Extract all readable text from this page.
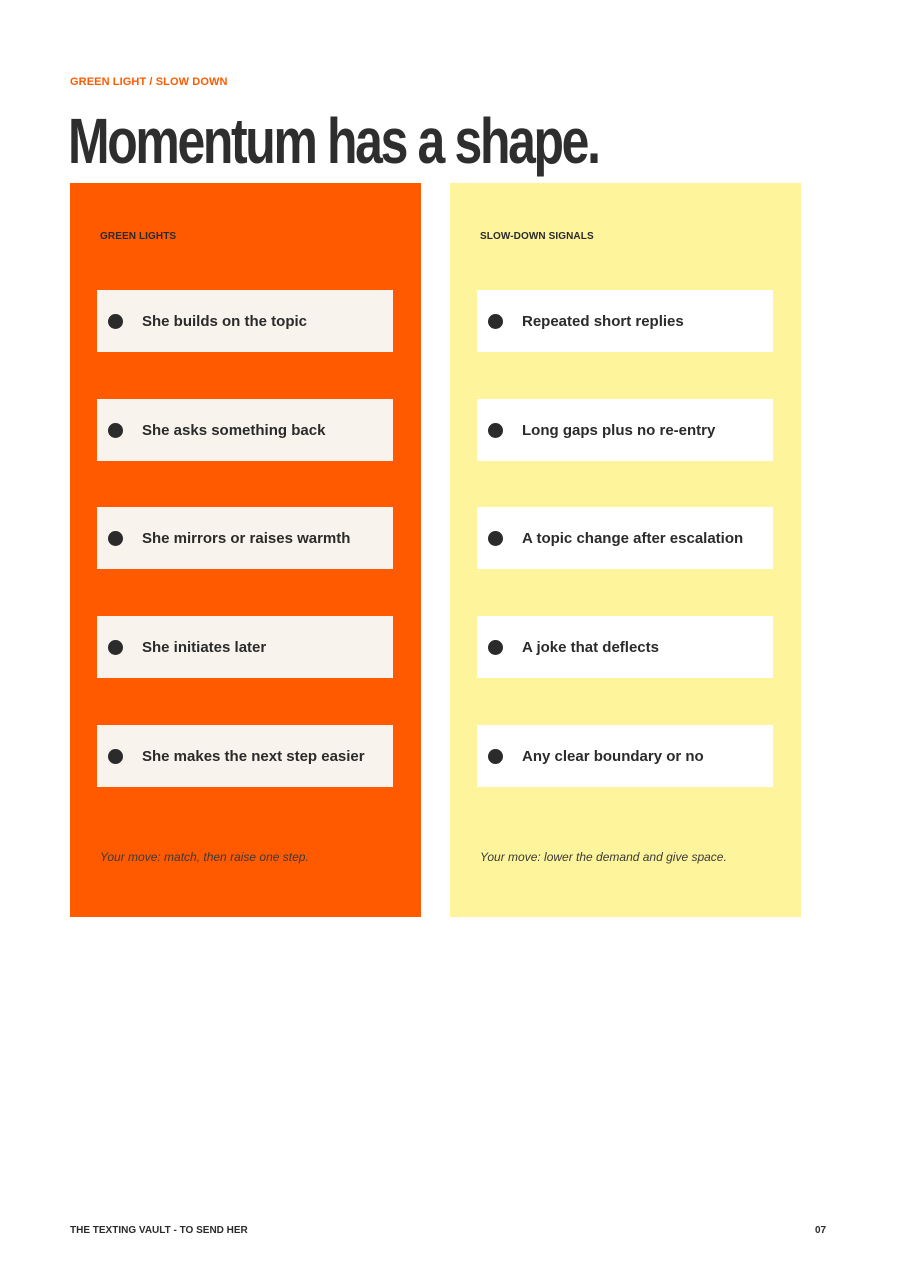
GREEN LIGHT / SLOW DOWN
Momentum has a shape.
GREEN LIGHTS
She builds on the topic
She asks something back
She mirrors or raises warmth
She initiates later
She makes the next step easier
Your move: match, then raise one step.
SLOW-DOWN SIGNALS
Repeated short replies
Long gaps plus no re-entry
A topic change after escalation
A joke that deflects
Any clear boundary or no
Your move: lower the demand and give space.
THE TEXTING VAULT - TO SEND HER	07
